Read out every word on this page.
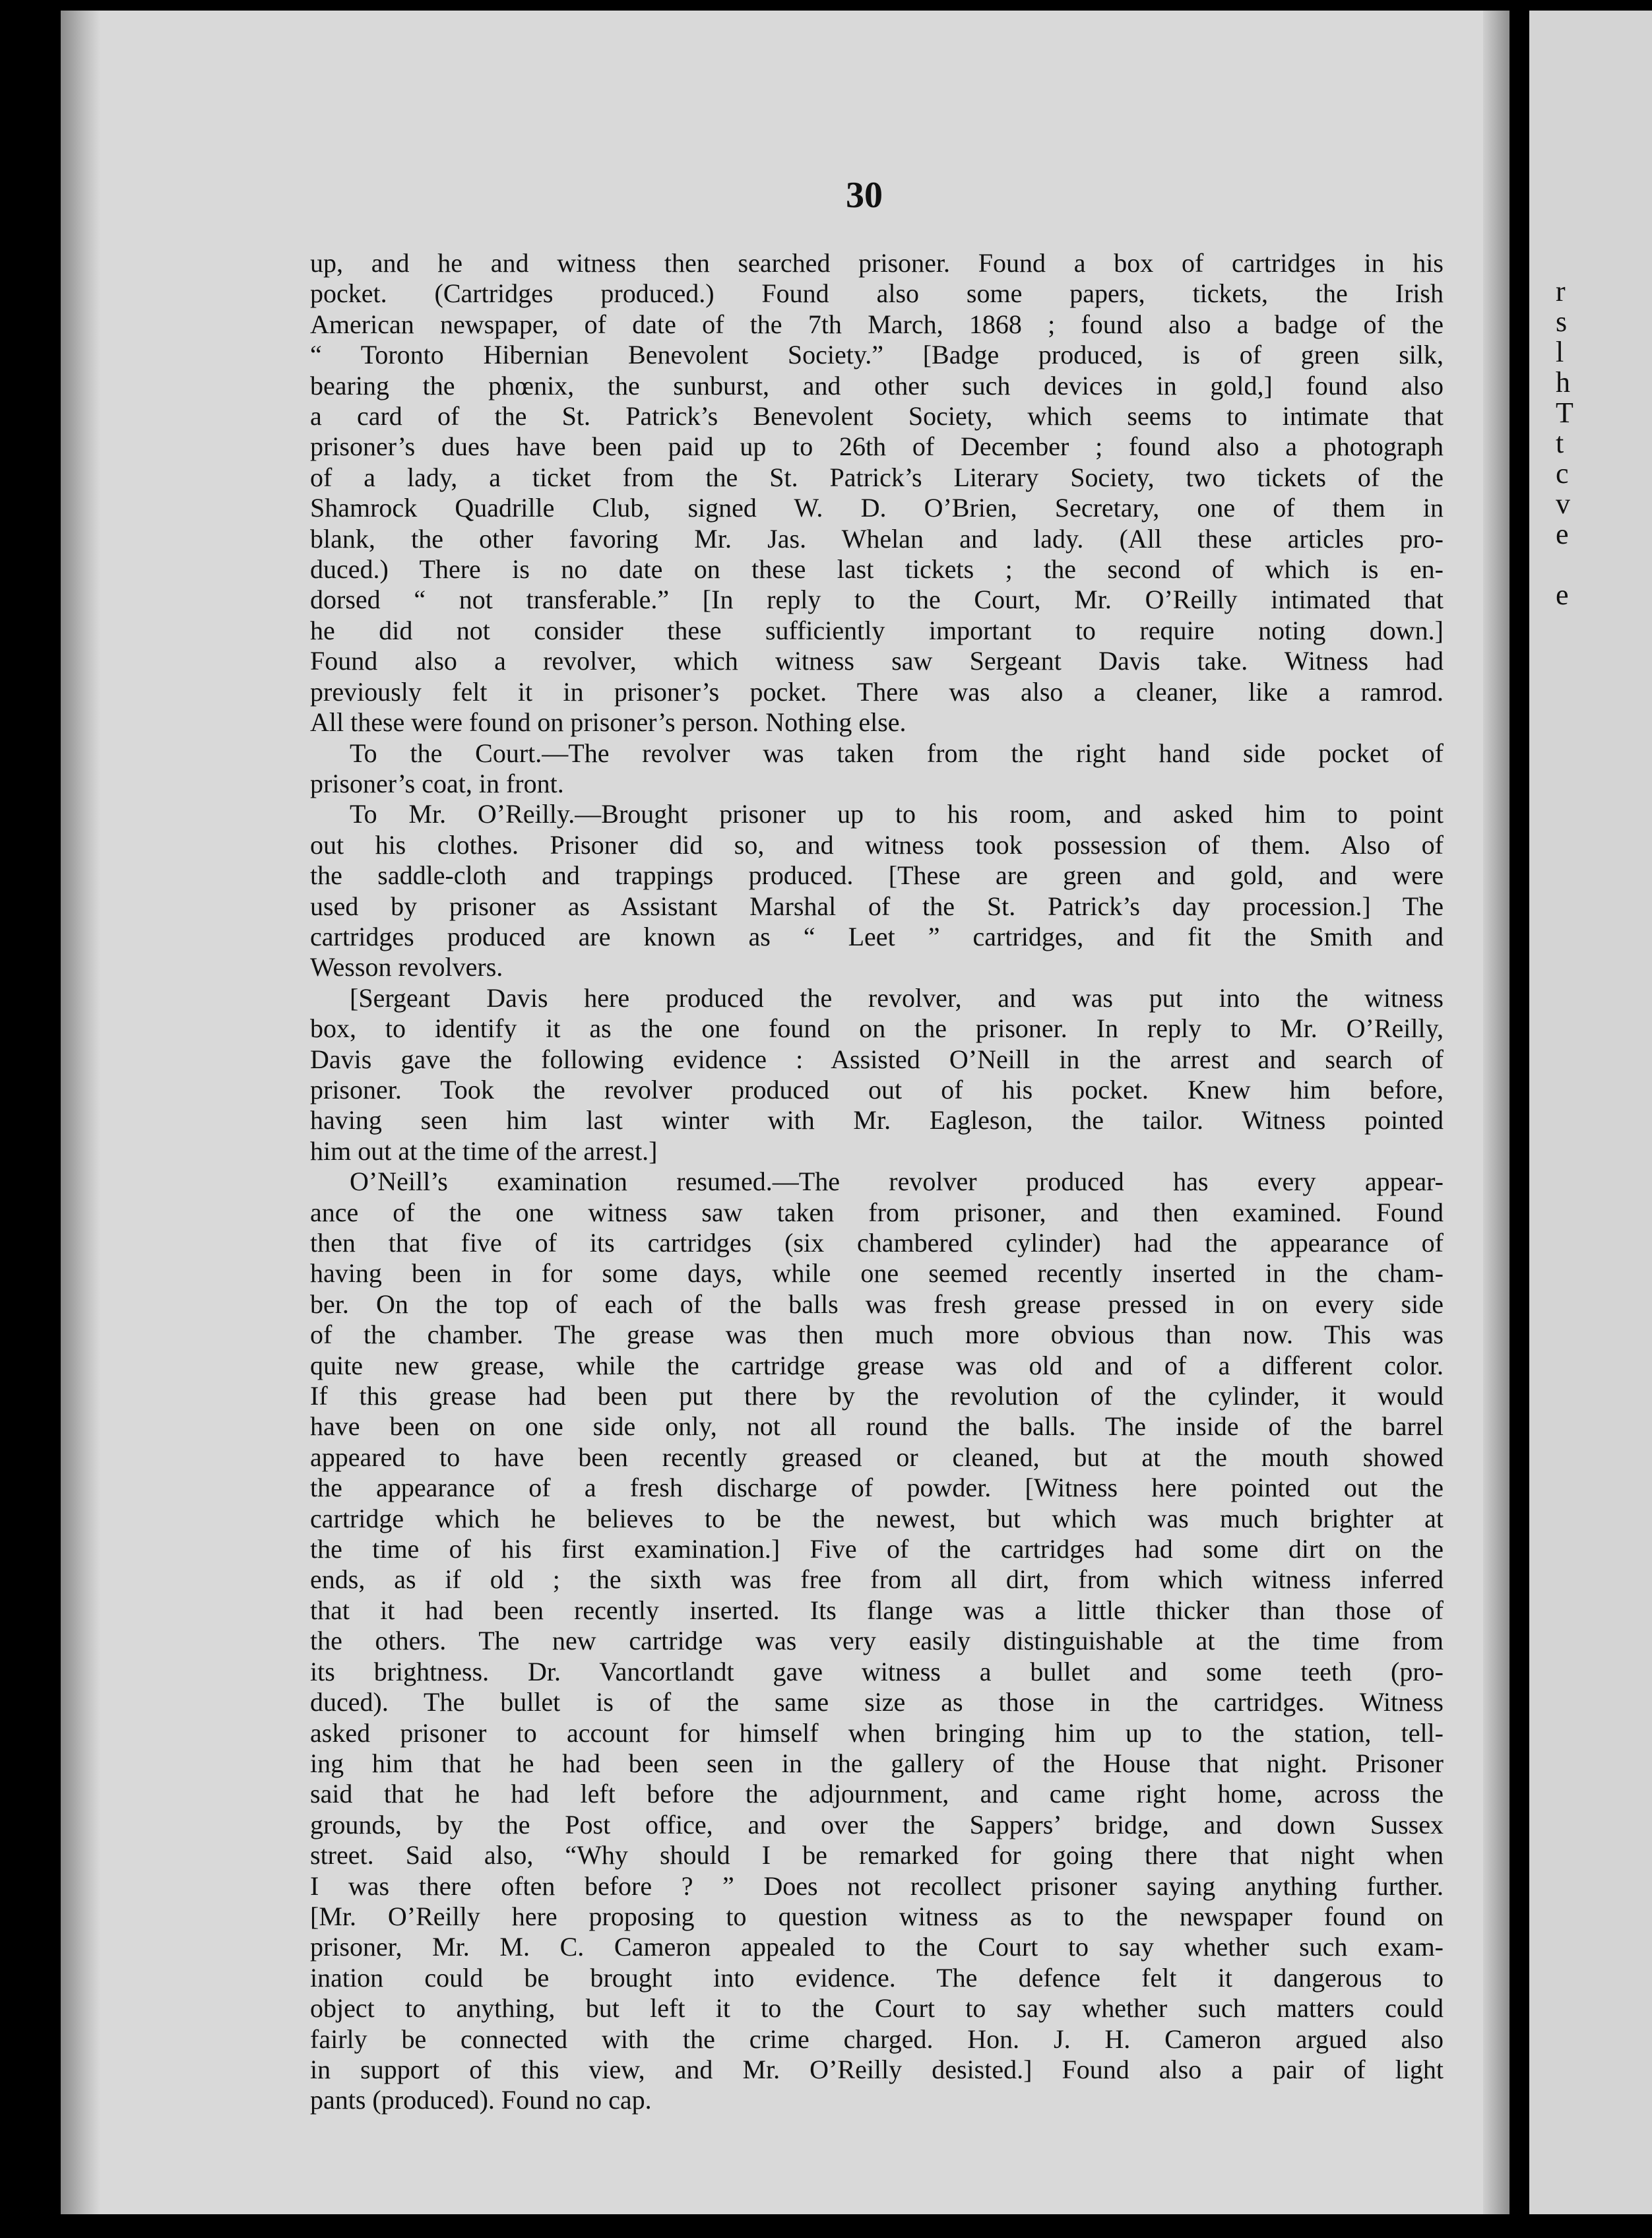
30

up, and he and witness then searched prisoner. Found a box of cartridges in his
pocket. (Cartridges produced.) Found also some papers, tickets, the Irish
American newspaper, of date of the 7th March, 1868 ; found also a badge of the
“ Toronto Hibernian Benevolent Society.” [Badge produced, is of green silk,
bearing the phœnix, the sunburst, and other such devices in gold,] found also
a card of the St. Patrick’s Benevolent Society, which seems to intimate that
prisoner’s dues have been paid up to 26th of December ; found also a photograph
of a lady, a ticket from the St. Patrick’s Literary Society, two tickets of the
Shamrock Quadrille Club, signed W. D. O’Brien, Secretary, one of them in
blank, the other favoring Mr. Jas. Whelan and lady. (All these articles pro-
duced.) There is no date on these last tickets ; the second of which is en-
dorsed “ not transferable.” [In reply to the Court, Mr. O’Reilly intimated that
he did not consider these sufficiently important to require noting down.]
Found also a revolver, which witness saw Sergeant Davis take. Witness had
previously felt it in prisoner’s pocket. There was also a cleaner, like a ramrod.
All these were found on prisoner’s person. Nothing else.

To the Court.—The revolver was taken from the right hand side pocket of

prisoner’s coat, in front.

To Mr. O’Reilly.—Brought prisoner up to his room, and asked him to point

out his clothes. Prisoner did so, and witness took possession of them. Also of
the saddle-cloth and trappings produced. [These are green and gold, and were
used by prisoner as Assistant Marshal of the St. Patrick’s day procession.] The
cartridges produced are known as “ Leet ” cartridges, and fit the Smith and
Wesson revolvers.

[Sergeant Davis here produced the revolver, and was put into the witness

box, to identify it as the one found on the prisoner. In reply to Mr. O’Reilly,
Davis gave the following evidence : Assisted O’Neill in the arrest and search of
prisoner. Took the revolver produced out of his pocket. Knew him before,
having seen him last winter with Mr. Eagleson, the tailor. Witness pointed
him out at the time of the arrest.]

O’Neill’s examination resumed.—The revolver produced has every appear-

ance of the one witness saw taken from prisoner, and then examined. Found
then that five of its cartridges (six chambered cylinder) had the appearance of
having been in for some days, while one seemed recently inserted in the cham-
ber. On the top of each of the balls was fresh grease pressed in on every side
of the chamber. The grease was then much more obvious than now. This was
quite new grease, while the cartridge grease was old and of a different color.
If this grease had been put there by the revolution of the cylinder, it would
have been on one side only, not all round the balls. The inside of the barrel
appeared to have been recently greased or cleaned, but at the mouth showed
the appearance of a fresh discharge of powder. [Witness here pointed out the
cartridge which he believes to be the newest, but which was much brighter at
the time of his first examination.] Five of the cartridges had some dirt on the
ends, as if old ; the sixth was free from all dirt, from which witness inferred
that it had been recently inserted. Its flange was a little thicker than those of
the others. The new cartridge was very easily distinguishable at the time from
its brightness. Dr. Vancortlandt gave witness a bullet and some teeth (pro-
duced). The bullet is of the same size as those in the cartridges. Witness
asked prisoner to account for himself when bringing him up to the station, tell-
ing him that he had been seen in the gallery of the House that night. Prisoner
said that he had left before the adjournment, and came right home, across the
grounds, by the Post office, and over the Sappers’ bridge, and down Sussex
street. Said also, “Why should I be remarked for going there that night when
I was there often before ? ” Does not recollect prisoner saying anything further.
[Mr. O’Reilly here proposing to question witness as to the newspaper found on
prisoner, Mr. M. C. Cameron appealed to the Court to say whether such exam-
ination could be brought into evidence. The defence felt it dangerous to
object to anything, but left it to the Court to say whether such matters could
fairly be connected with the crime charged. Hon. J. H. Cameron argued also
in support of this view, and Mr. O’Reilly desisted.] Found also a pair of light
pants (produced). Found no cap.

r
s
l
h
T
t
c
v
e
e
